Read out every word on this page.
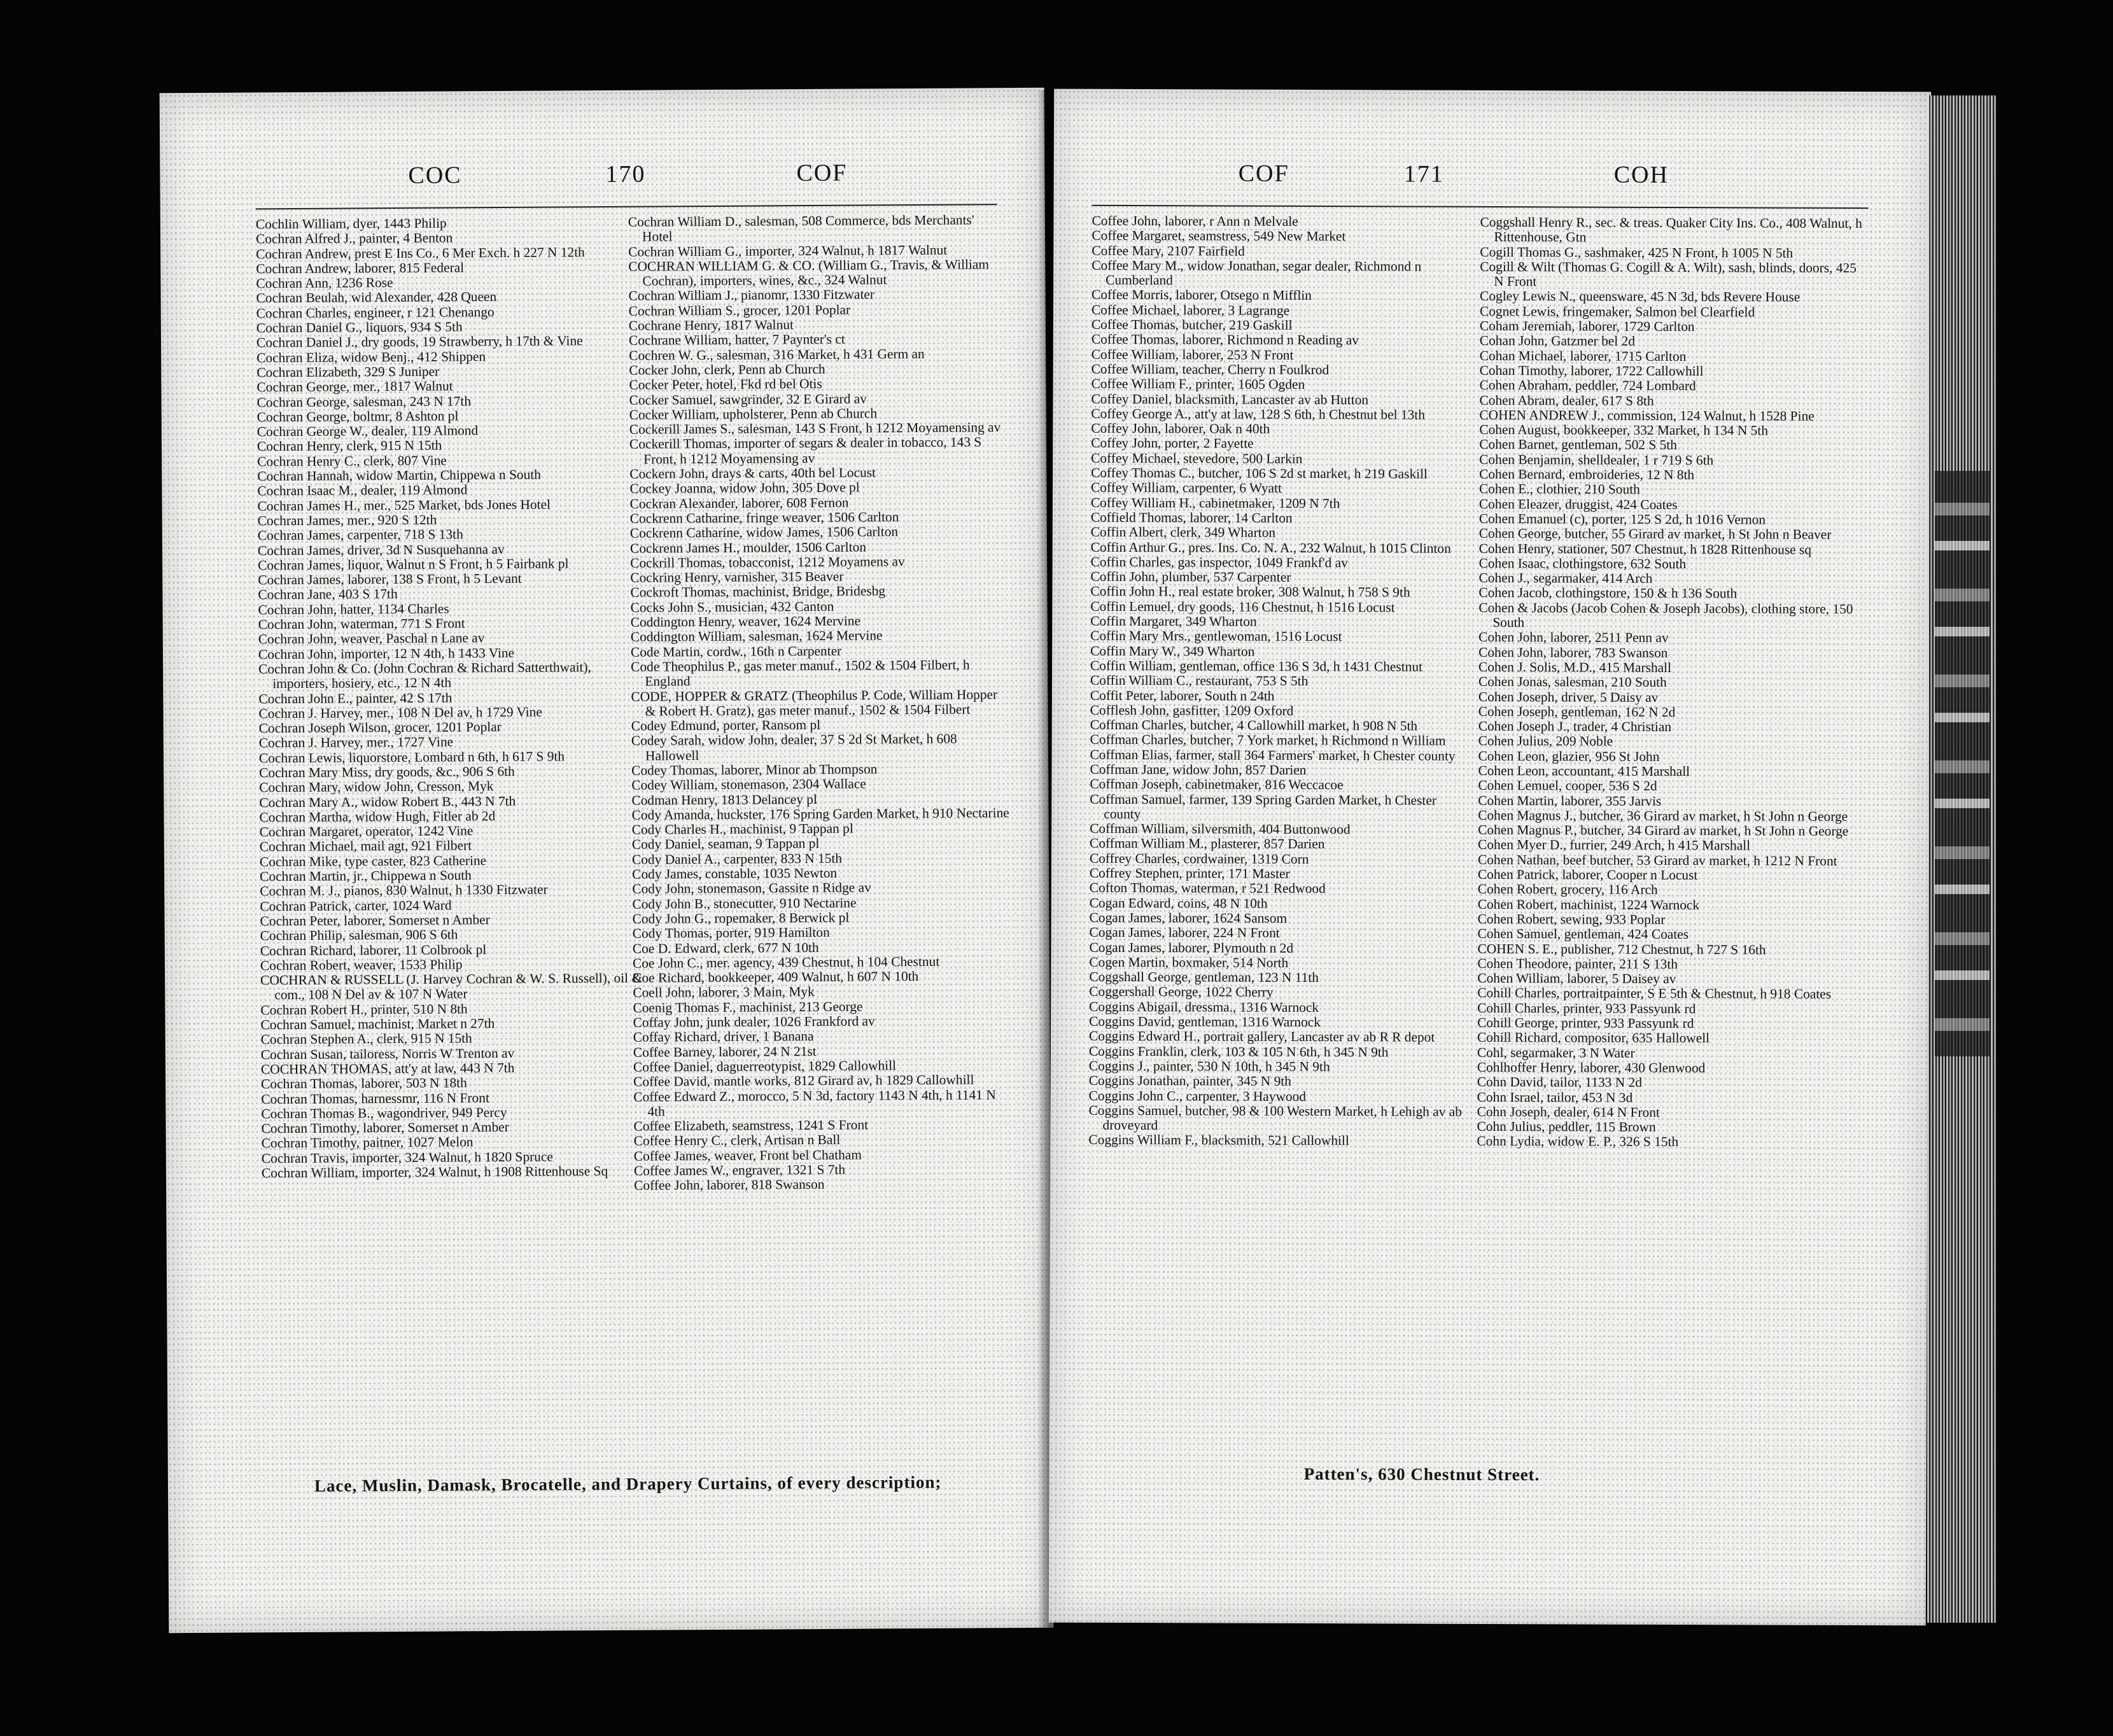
COC	170	COF
Cochlin William, dyer, 1443 Philip
Cochran Alfred J., painter, 4 Benton
Cochran Andrew, prest E Ins Co., 6 Mer Exch. h 227 N 12th
Cochran Andrew, laborer, 815 Federal
Cochran Ann, 1236 Rose
Cochran Beulah, wid Alexander, 428 Queen
Cochran Charles, engineer, r 121 Chenango
Cochran Daniel G., liquors, 934 S 5th
Cochran Daniel J., dry goods, 19 Strawberry, h 17th & Vine
Cochran Eliza, widow Benj., 412 Shippen
Cochran Elizabeth, 329 S Juniper
Cochran George, mer., 1817 Walnut
Cochran George, salesman, 243 N 17th
Cochran George, boltmr, 8 Ashton pl
Cochran George W., dealer, 119 Almond
Cochran Henry, clerk, 915 N 15th
Cochran Henry C., clerk, 807 Vine
Cochran Hannah, widow Martin, Chippewa n South
Cochran Isaac M., dealer, 119 Almond
Cochran James H., mer., 525 Market, bds Jones Hotel
Cochran James, mer., 920 S 12th
Cochran James, carpenter, 718 S 13th
Cochran James, driver, 3d N Susquehanna av
Cochran James, liquor, Walnut n S Front, h 5 Fairbank pl
Cochran James, laborer, 138 S Front, h 5 Levant
Cochran Jane, 403 S 17th
Cochran John, hatter, 1134 Charles
Cochran John, waterman, 771 S Front
Cochran John, weaver, Paschal n Lane av
Cochran John, importer, 12 N 4th, h 1433 Vine
Cochran John & Co. (John Cochran & Richard Satterthwait), importers, hosiery, etc., 12 N 4th
Cochran John E., painter, 42 S 17th
Cochran J. Harvey, mer., 108 N Del av, h 1729 Vine
Cochran Joseph Wilson, grocer, 1201 Poplar
Cochran J. Harvey, mer., 1727 Vine
Cochran Lewis, liquorstore, Lombard n 6th, h 617 S 9th
Cochran Mary Miss, dry goods, &c., 906 S 6th
Cochran Mary, widow John, Cresson, Myk
Cochran Mary A., widow Robert B., 443 N 7th
Cochran Martha, widow Hugh, Fitler ab 2d
Cochran Margaret, operator, 1242 Vine
Cochran Michael, mail agt, 921 Filbert
Cochran Mike, type caster, 823 Catherine
Cochran Martin, jr., Chippewa n South
Cochran M. J., pianos, 830 Walnut, h 1330 Fitzwater
Cochran Patrick, carter, 1024 Ward
Cochran Peter, laborer, Somerset n Amber
Cochran Philip, salesman, 906 S 6th
Cochran Richard, laborer, 11 Colbrook pl
Cochran Robert, weaver, 1533 Philip
COCHRAN & RUSSELL (J. Harvey Cochran & W. S. Russell), oil & com., 108 N Del av & 107 N Water
Cochran Robert H., printer, 510 N 8th
Cochran Samuel, machinist, Market n 27th
Cochran Stephen A., clerk, 915 N 15th
Cochran Susan, tailoress, Norris W Trenton av
COCHRAN THOMAS, att'y at law, 443 N 7th
Cochran Thomas, laborer, 503 N 18th
Cochran Thomas, harnessmr, 116 N Front
Cochran Thomas B., wagondriver, 949 Percy
Cochran Timothy, laborer, Somerset n Amber
Cochran Timothy, paitner, 1027 Melon
Cochran Travis, importer, 324 Walnut, h 1820 Spruce
Cochran William, importer, 324 Walnut, h 1908 Rittenhouse Sq
Cochran William D., salesman, 508 Commerce, bds Merchants' Hotel
Cochran William G., importer, 324 Walnut, h 1817 Walnut
COCHRAN WILLIAM G. & CO. (William G., Travis, & William Cochran), importers, wines, &c., 324 Walnut
Cochran William J., pianomr, 1330 Fitzwater
Cochran William S., grocer, 1201 Poplar
Cochrane Henry, 1817 Walnut
Cochrane William, hatter, 7 Paynter's ct
Cochren W. G., salesman, 316 Market, h 431 Germ an
Cocker John, clerk, Penn ab Church
Cocker Peter, hotel, Fkd rd bel Otis
Cocker Samuel, sawgrinder, 32 E Girard av
Cocker William, upholsterer, Penn ab Church
Cockerill James S., salesman, 143 S Front, h 1212 Moyamensing av
Cockerill Thomas, importer of segars & dealer in tobacco, 143 S Front, h 1212 Moyamensing av
Cockern John, drays & carts, 40th bel Locust
Cockey Joanna, widow John, 305 Dove pl
Cockran Alexander, laborer, 608 Fernon
Cockrenn Catharine, fringe weaver, 1506 Carlton
Cockrenn Catharine, widow James, 1506 Carlton
Cockrenn James H., moulder, 1506 Carlton
Cockrill Thomas, tobacconist, 1212 Moyamens av
Cockring Henry, varnisher, 315 Beaver
Cockroft Thomas, machinist, Bridge, Bridesbg
Cocks John S., musician, 432 Canton
Coddington Henry, weaver, 1624 Mervine
Coddington William, salesman, 1624 Mervine
Code Martin, cordw., 16th n Carpenter
Code Theophilus P., gas meter manuf., 1502 & 1504 Filbert, h England
CODE, HOPPER & GRATZ (Theophilus P. Code, William Hopper & Robert H. Gratz), gas meter manuf., 1502 & 1504 Filbert
Codey Edmund, porter, Ransom pl
Codey Sarah, widow John, dealer, 37 S 2d St Market, h 608 Hallowell
Codey Thomas, laborer, Minor ab Thompson
Codey William, stonemason, 2304 Wallace
Codman Henry, 1813 Delancey pl
Cody Amanda, huckster, 176 Spring Garden Market, h 910 Nectarine
Cody Charles H., machinist, 9 Tappan pl
Cody Daniel, seaman, 9 Tappan pl
Cody Daniel A., carpenter, 833 N 15th
Cody James, constable, 1035 Newton
Cody John, stonemason, Gassite n Ridge av
Cody John B., stonecutter, 910 Nectarine
Cody John G., ropemaker, 8 Berwick pl
Cody Thomas, porter, 919 Hamilton
Coe D. Edward, clerk, 677 N 10th
Coe John C., mer. agency, 439 Chestnut, h 104 Chestnut
Coe Richard, bookkeeper, 409 Walnut, h 607 N 10th
Coell John, laborer, 3 Main, Myk
Coenig Thomas F., machinist, 213 George
Coffay John, junk dealer, 1026 Frankford av
Coffay Richard, driver, 1 Banana
Coffee Barney, laborer, 24 N 21st
Coffee Daniel, daguerreotypist, 1829 Callowhill
Coffee David, mantle works, 812 Girard av, h 1829 Callowhill
Coffee Edward Z., morocco, 5 N 3d, factory 1143 N 4th, h 1141 N 4th
Coffee Elizabeth, seamstress, 1241 S Front
Coffee Henry C., clerk, Artisan n Ball
Coffee James, weaver, Front bel Chatham
Coffee James W., engraver, 1321 S 7th
Coffee John, laborer, 818 Swanson
Lace, Muslin, Damask, Brocatelle, and Drapery Curtains, of every description;
COF	171	COH
Coffee John, laborer, r Ann n Melvale
Coffee Margaret, seamstress, 549 New Market
Coffee Mary, 2107 Fairfield
Coffee Mary M., widow Jonathan, segar dealer, Richmond n Cumberland
Coffee Morris, laborer, Otsego n Mifflin
Coffee Michael, laborer, 3 Lagrange
Coffee Thomas, butcher, 219 Gaskill
Coffee Thomas, laborer, Richmond n Reading av
Coffee William, laborer, 253 N Front
Coffee William, teacher, Cherry n Foulkrod
Coffee William F., printer, 1605 Ogden
Coffey Daniel, blacksmith, Lancaster av ab Hutton
Coffey George A., att'y at law, 128 S 6th, h Chestnut bel 13th
Coffey John, laborer, Oak n 40th
Coffey John, porter, 2 Fayette
Coffey Michael, stevedore, 500 Larkin
Coffey Thomas C., butcher, 106 S 2d st market, h 219 Gaskill
Coffey William, carpenter, 6 Wyatt
Coffey William H., cabinetmaker, 1209 N 7th
Coffield Thomas, laborer, 14 Carlton
Coffin Albert, clerk, 349 Wharton
Coffin Arthur G., pres. Ins. Co. N. A., 232 Walnut, h 1015 Clinton
Coffin Charles, gas inspector, 1049 Frankf'd av
Coffin John, plumber, 537 Carpenter
Coffin John H., real estate broker, 308 Walnut, h 758 S 9th
Coffin Lemuel, dry goods, 116 Chestnut, h 1516 Locust
Coffin Margaret, 349 Wharton
Coffin Mary Mrs., gentlewoman, 1516 Locust
Coffin Mary W., 349 Wharton
Coffin William, gentleman, office 136 S 3d, h 1431 Chestnut
Coffin William C., restaurant, 753 S 5th
Coffit Peter, laborer, South n 24th
Cofflesh John, gasfitter, 1209 Oxford
Coffman Charles, butcher, 4 Callowhill market, h 908 N 5th
Coffman Charles, butcher, 7 York market, h Richmond n William
Coffman Elias, farmer, stall 364 Farmers' market, h Chester county
Coffman Jane, widow John, 857 Darien
Coffman Joseph, cabinetmaker, 816 Weccacoe
Coffman Samuel, farmer, 139 Spring Garden Market, h Chester county
Coffman William, silversmith, 404 Buttonwood
Coffman William M., plasterer, 857 Darien
Coffrey Charles, cordwainer, 1319 Corn
Coffrey Stephen, printer, 171 Master
Cofton Thomas, waterman, r 521 Redwood
Cogan Edward, coins, 48 N 10th
Cogan James, laborer, 1624 Sansom
Cogan James, laborer, 224 N Front
Cogan James, laborer, Plymouth n 2d
Cogen Martin, boxmaker, 514 North
Coggshall George, gentleman, 123 N 11th
Coggershall George, 1022 Cherry
Coggins Abigail, dressma., 1316 Warnock
Coggins David, gentleman, 1316 Warnock
Coggins Edward H., portrait gallery, Lancaster av ab R R depot
Coggins Franklin, clerk, 103 & 105 N 6th, h 345 N 9th
Coggins J., painter, 530 N 10th, h 345 N 9th
Coggins Jonathan, painter, 345 N 9th
Coggins John C., carpenter, 3 Haywood
Coggins Samuel, butcher, 98 & 100 Western Market, h Lehigh av ab droveyard
Coggins William F., blacksmith, 521 Callowhill
Coggshall Henry R., sec. & treas. Quaker City Ins. Co., 408 Walnut, h Rittenhouse, Gtn
Cogill Thomas G., sashmaker, 425 N Front, h 1005 N 5th
Cogill & Wilt (Thomas G. Cogill & A. Wilt), sash, blinds, doors, 425 N Front
Cogley Lewis N., queensware, 45 N 3d, bds Revere House
Cognet Lewis, fringemaker, Salmon bel Clearfield
Coham Jeremiah, laborer, 1729 Carlton
Cohan John, Gatzmer bel 2d
Cohan Michael, laborer, 1715 Carlton
Cohan Timothy, laborer, 1722 Callowhill
Cohen Abraham, peddler, 724 Lombard
Cohen Abram, dealer, 617 S 8th
COHEN ANDREW J., commission, 124 Walnut, h 1528 Pine
Cohen August, bookkeeper, 332 Market, h 134 N 5th
Cohen Barnet, gentleman, 502 S 5th
Cohen Benjamin, shelldealer, 1 r 719 S 6th
Cohen Bernard, embroideries, 12 N 8th
Cohen E., clothier, 210 South
Cohen Eleazer, druggist, 424 Coates
Cohen Emanuel (c), porter, 125 S 2d, h 1016 Vernon
Cohen George, butcher, 55 Girard av market, h St John n Beaver
Cohen Henry, stationer, 507 Chestnut, h 1828 Rittenhouse sq
Cohen Isaac, clothingstore, 632 South
Cohen J., segarmaker, 414 Arch
Cohen Jacob, clothingstore, 150 & h 136 South
Cohen & Jacobs (Jacob Cohen & Joseph Jacobs), clothing store, 150 South
Cohen John, laborer, 2511 Penn av
Cohen John, laborer, 783 Swanson
Cohen J. Solis, M.D., 415 Marshall
Cohen Jonas, salesman, 210 South
Cohen Joseph, driver, 5 Daisy av
Cohen Joseph, gentleman, 162 N 2d
Cohen Joseph J., trader, 4 Christian
Cohen Julius, 209 Noble
Cohen Leon, glazier, 956 St John
Cohen Leon, accountant, 415 Marshall
Cohen Lemuel, cooper, 536 S 2d
Cohen Martin, laborer, 355 Jarvis
Cohen Magnus J., butcher, 36 Girard av market, h St John n George
Cohen Magnus P., butcher, 34 Girard av market, h St John n George
Cohen Myer D., furrier, 249 Arch, h 415 Marshall
Cohen Nathan, beef butcher, 53 Girard av market, h 1212 N Front
Cohen Patrick, laborer, Cooper n Locust
Cohen Robert, grocery, 116 Arch
Cohen Robert, machinist, 1224 Warnock
Cohen Robert, sewing, 933 Poplar
Cohen Samuel, gentleman, 424 Coates
COHEN S. E., publisher, 712 Chestnut, h 727 S 16th
Cohen Theodore, painter, 211 S 13th
Cohen William, laborer, 5 Daisey av
Cohill Charles, portraitpainter, S E 5th & Chestnut, h 918 Coates
Cohill Charles, printer, 933 Passyunk rd
Cohill George, printer, 933 Passyunk rd
Cohill Richard, compositor, 635 Hallowell
Cohl, segarmaker, 3 N Water
Cohlhoffer Henry, laborer, 430 Glenwood
Cohn David, tailor, 1133 N 2d
Cohn Israel, tailor, 453 N 3d
Cohn Joseph, dealer, 614 N Front
Cohn Julius, peddler, 115 Brown
Cohn Lydia, widow E. P., 326 S 15th
Patten's, 630 Chestnut Street.
